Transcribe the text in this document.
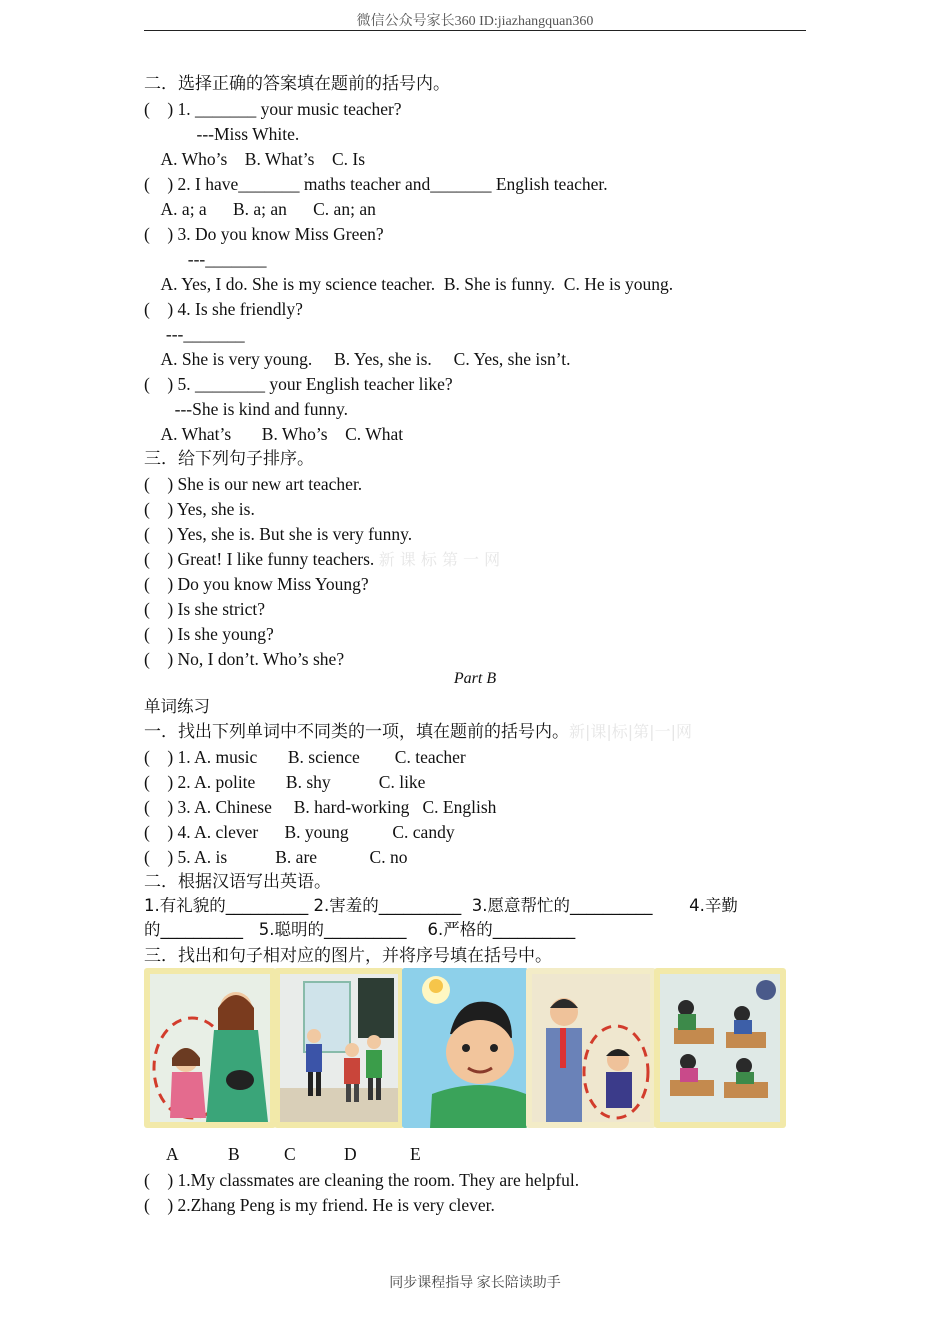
微信公众号家长360 ID:jiazhangquan360
二．选择正确的答案填在题前的括号内。
(    ) 1. _______ your music teacher?
---Miss White.
A. Who’s    B. What’s    C. Is
(    ) 2. I have_______ maths teacher and_______ English teacher.
A. a; a      B. a; an      C. an; an
(    ) 3. Do you know Miss Green?
---_______
A. Yes, I do. She is my science teacher.  B. She is funny.  C. He is young.
(    ) 4. Is she friendly?
---_______
A. She is very young.     B. Yes, she is.     C. Yes, she isn’t.
(    ) 5. ________ your English teacher like?
---She is kind and funny.
A. What’s       B. Who’s    C. What
三．给下列句子排序。
(    ) She is our new art teacher.
(    ) Yes, she is.
(    ) Yes, she is. But she is very funny.
(    ) Great! I like funny teachers. 新 课 标 第 一 网
(    ) Do you know Miss Young?
(    ) Is she strict?
(    ) Is she young?
(    ) No, I don’t. Who’s she?
Part B
单词练习
一．找出下列单词中不同类的一项，填在题前的括号内。新|课|标|第|一|网
(    ) 1. A. music       B. science        C. teacher
(    ) 2. A. polite       B. shy           C. like
(    ) 3. A. Chinese     B. hard-working   C. English
(    ) 4. A. clever      B. young          C. candy
(    ) 5. A. is           B. are            C. no
二．根据汉语写出英语。
1.有礼貌的__________ 2.害羞的__________  3.愿意帮忙的__________       4.辛勤
的__________   5.聪明的__________    6.严格的__________
三．找出和句子相对应的图片，并将序号填在括号中。
A	B	C	D	E
(    ) 1.My classmates are cleaning the room. They are helpful.
(    ) 2.Zhang Peng is my friend. He is very clever.
同步课程指导 家长陪读助手
